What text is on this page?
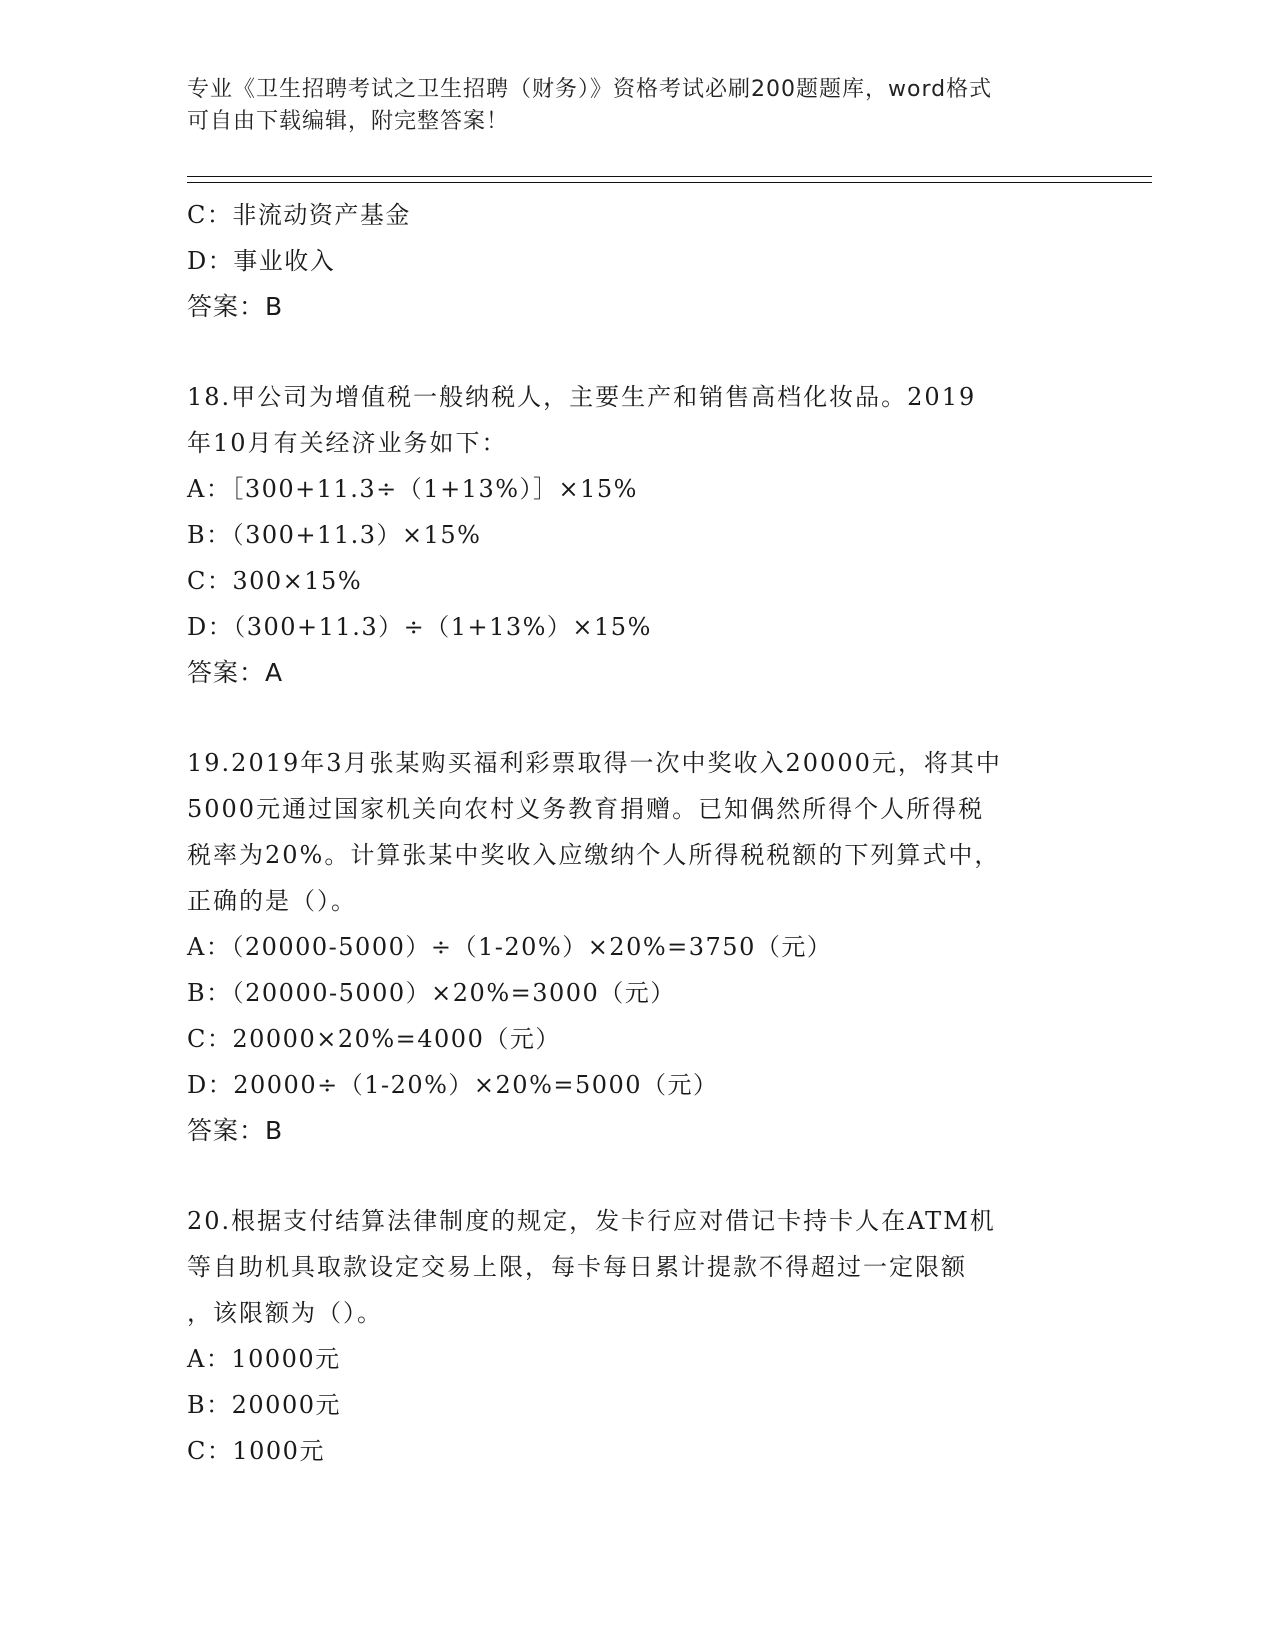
专业《卫生招聘考试之卫生招聘（财务）》资格考试必刷200题题库，word格式
可自由下载编辑，附完整答案！
C：非流动资产基金
D：事业收入
答案：B
18.甲公司为增值税一般纳税人，主要生产和销售高档化妆品。2019
年10月有关经济业务如下：
A：［300+11.3÷（1+13%）］×15%
B：（300+11.3）×15%
C：300×15%
D：（300+11.3）÷（1+13%）×15%
答案：A
19.2019年3月张某购买福利彩票取得一次中奖收入20000元，将其中
5000元通过国家机关向农村义务教育捐赠。已知偶然所得个人所得税
税率为20%。计算张某中奖收入应缴纳个人所得税税额的下列算式中，
正确的是（）。
A：（20000-5000）÷（1-20%）×20%=3750（元）
B：（20000-5000）×20%=3000（元）
C：20000×20%=4000（元）
D：20000÷（1-20%）×20%=5000（元）
答案：B
20.根据支付结算法律制度的规定，发卡行应对借记卡持卡人在ATM机
等自助机具取款设定交易上限，每卡每日累计提款不得超过一定限额
，该限额为（）。
A：10000元
B：20000元
C：1000元
